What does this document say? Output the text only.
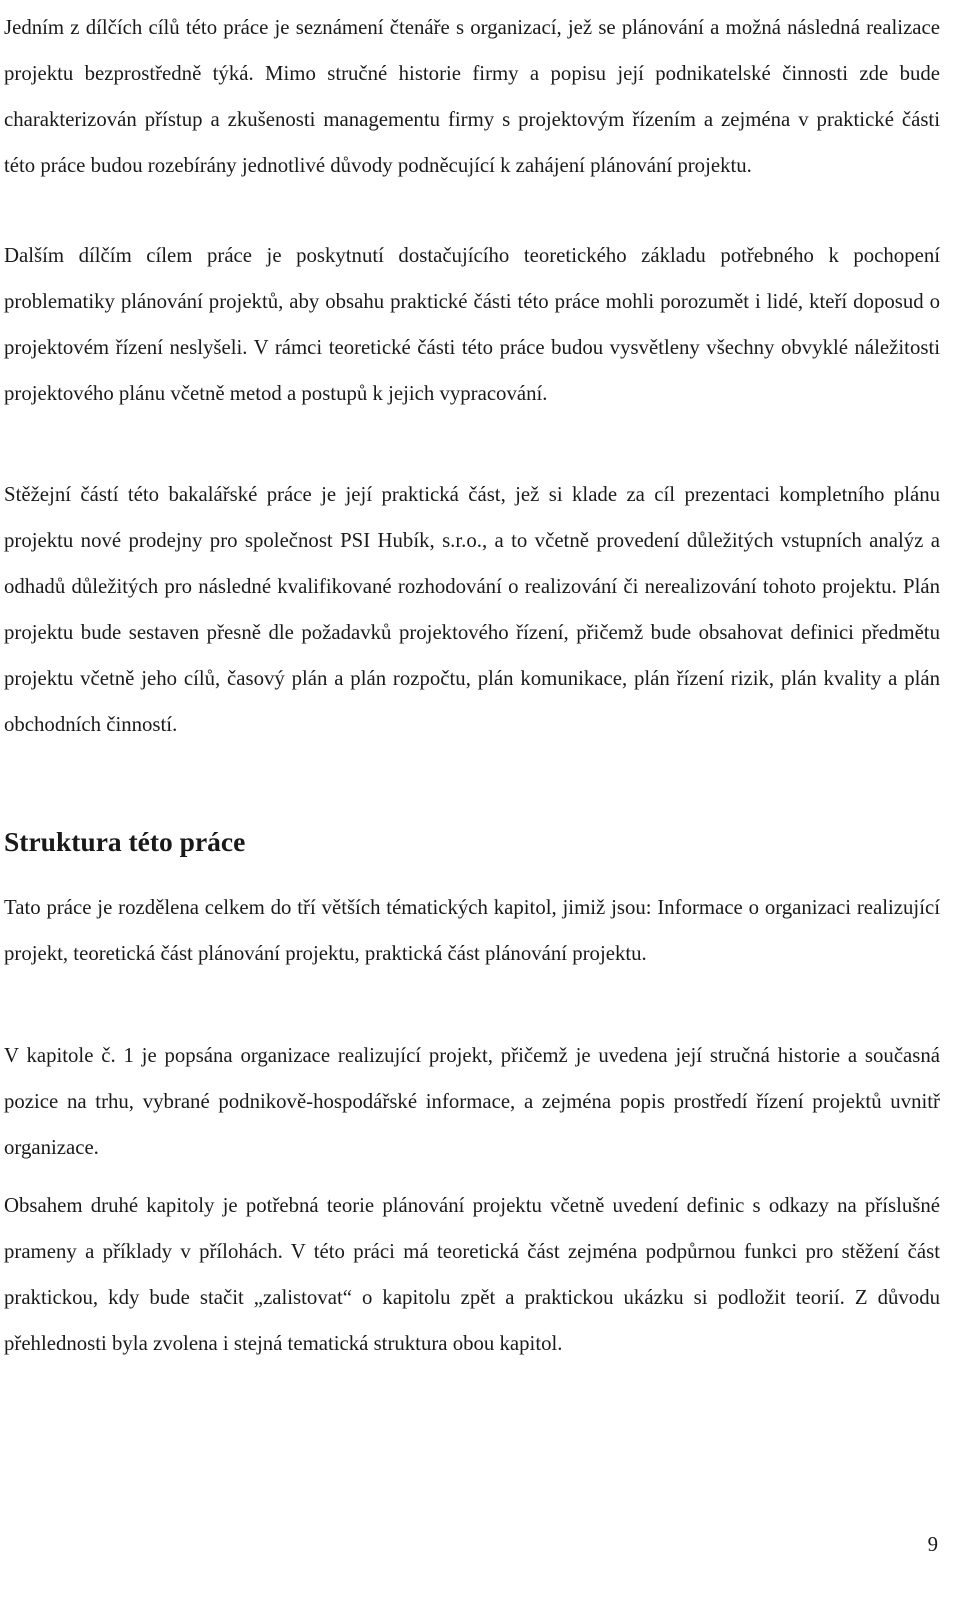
Jedním z dílčích cílů této práce je seznámení čtenáře s organizací, jež se plánování a možná následná realizace projektu bezprostředně týká. Mimo stručné historie firmy a popisu její podnikatelské činnosti zde bude charakterizován přístup a zkušenosti managementu firmy s projektovým řízením a zejména v praktické části této práce budou rozebírány jednotlivé důvody podněcující k zahájení plánování projektu.

Dalším dílčím cílem práce je poskytnutí dostačujícího teoretického základu potřebného k pochopení problematiky plánování projektů, aby obsahu praktické části této práce mohli porozumět i lidé, kteří doposud o projektovém řízení neslyšeli. V rámci teoretické části této práce budou vysvětleny všechny obvyklé náležitosti projektového plánu včetně metod a postupů k jejich vypracování.

Stěžejní částí této bakalářské práce je její praktická část, jež si klade za cíl prezentaci kompletního plánu projektu nové prodejny pro společnost PSI Hubík, s.r.o., a to včetně provedení důležitých vstupních analýz a odhadů důležitých pro následné kvalifikované rozhodování o realizování či nerealizování tohoto projektu. Plán projektu bude sestaven přesně dle požadavků projektového řízení, přičemž bude obsahovat definici předmětu projektu včetně jeho cílů, časový plán a plán rozpočtu, plán komunikace, plán řízení rizik, plán kvality a plán obchodních činností.

Struktura této práce

Tato práce je rozdělena celkem do tří větších tématických kapitol, jimiž jsou: Informace o organizaci realizující projekt, teoretická část plánování projektu, praktická část plánování projektu.

V kapitole č. 1 je popsána organizace realizující projekt, přičemž je uvedena její stručná historie a současná pozice na trhu, vybrané podnikově-hospodářské informace, a zejména popis prostředí řízení projektů uvnitř organizace.

Obsahem druhé kapitoly je potřebná teorie plánování projektu včetně uvedení definic s odkazy na příslušné prameny a příklady v přílohách. V této práci má teoretická část zejména podpůrnou funkci pro stěžení část praktickou, kdy bude stačit „zalistovat“ o kapitolu zpět a praktickou ukázku si podložit teorií. Z důvodu přehlednosti byla zvolena i stejná tematická struktura obou kapitol.

9
